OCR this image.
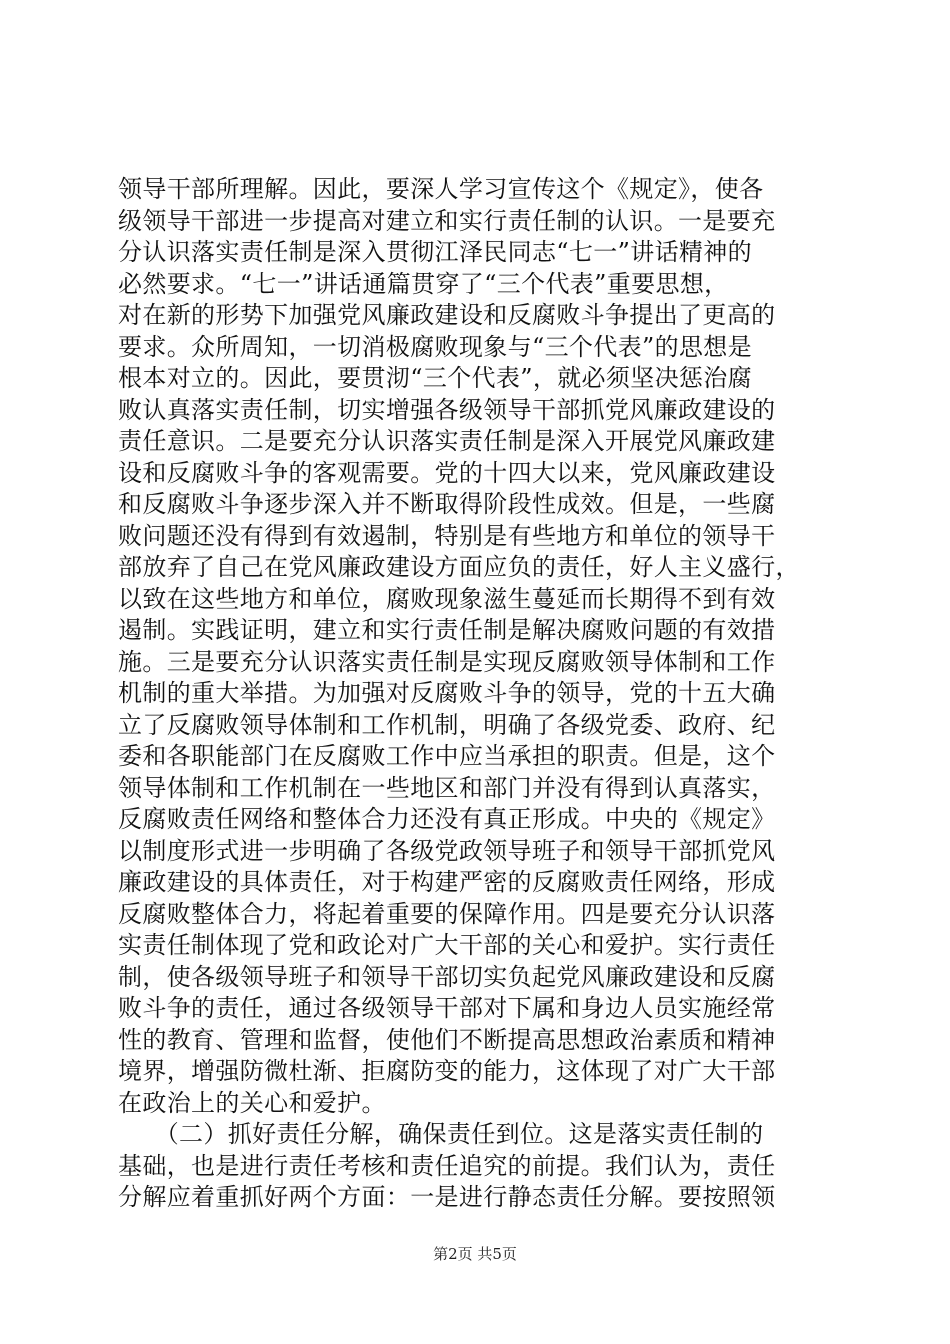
领导干部所理解。因此，要深人学习宣传这个《规定》，使各
级领导干部进一步提高对建立和实行责任制的认识。一是要充
分认识落实责任制是深入贯彻江泽民同志“七一”讲话精神的
必然要求。“七一”讲话通篇贯穿了“三个代表”重要思想，
对在新的形势下加强党风廉政建设和反腐败斗争提出了更高的
要求。众所周知，一切消极腐败现象与“三个代表”的思想是
根本对立的。因此，要贯沏“三个代表”，就必须坚决惩治腐
败认真落实责任制，切实增强各级领导干部抓党风廉政建设的
责任意识。二是要充分认识落实责任制是深入开展党风廉政建
设和反腐败斗争的客观需要。党的十四大以来，党风廉政建设
和反腐败斗争逐步深入并不断取得阶段性成效。但是，一些腐
败问题还没有得到有效遏制，特别是有些地方和单位的领导干
部放弃了自己在党风廉政建设方面应负的责任，好人主义盛行，
以致在这些地方和单位，腐败现象滋生蔓延而长期得不到有效
遏制。实践证明，建立和实行责任制是解决腐败问题的有效措
施。三是要充分认识落实责任制是实现反腐败领导体制和工作
机制的重大举措。为加强对反腐败斗争的领导，党的十五大确
立了反腐败领导体制和工作机制，明确了各级党委、政府、纪
委和各职能部门在反腐败工作中应当承担的职责。但是，这个
领导体制和工作机制在一些地区和部门并没有得到认真落实，
反腐败责任网络和整体合力还没有真正形成。中央的《规定》
以制度形式进一步明确了各级党政领导班子和领导干部抓党风
廉政建设的具体责任，对于构建严密的反腐败责任网络，形成
反腐败整体合力，将起着重要的保障作用。四是要充分认识落
实责任制体现了党和政论对广大干部的关心和爱护。实行责任
制，使各级领导班子和领导干部切实负起党风廉政建设和反腐
败斗争的责任，通过各级领导干部对下属和身边人员实施经常
性的教育、管理和监督，使他们不断提高思想政治素质和精神
境界，增强防微杜渐、拒腐防变的能力，这体现了对广大干部
在政治上的关心和爱护。
　　（二）抓好责任分解，确保责任到位。这是落实责任制的
基础，也是进行责任考核和责任追究的前提。我们认为，责任
分解应着重抓好两个方面：一是进行静态责任分解。要按照领
第2页 共5页
